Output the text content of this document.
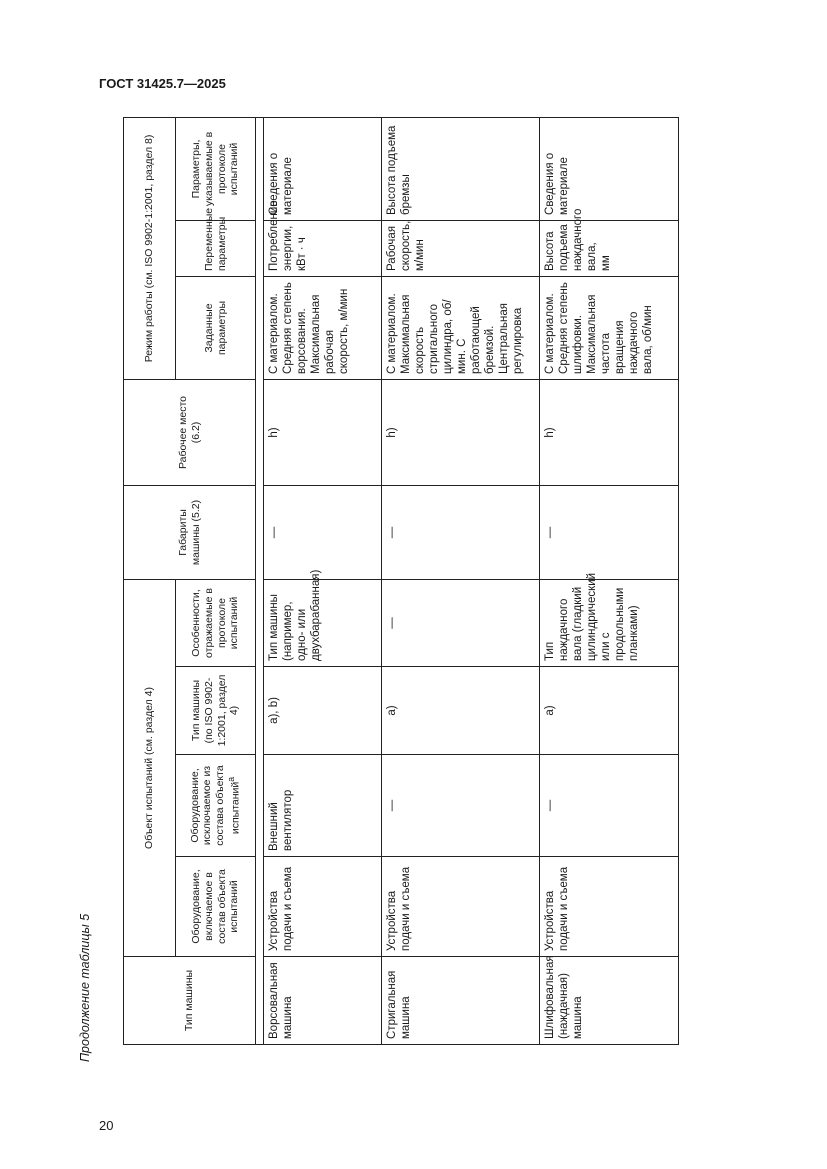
ГОСТ 31425.7—2025
Продолжение таблицы 5	Тип машины	Объект испытаний (см. раздел 4)				Габариты машины (5.2)	Рабочее место (6.2)	Режим работы (см. ISO 9902-1:2001, раздел 8)		
	Оборудование, включаемое в состав объекта испытаний	Оборудование, исключаемое из состава объекта испытаний$^а$	Тип машины (по ISO 9902-1:2001, раздел 4)	Особенности, отражаемые в протоколе испытаний			Заданные параметры	Переменные параметры	Параметры, указываемые в протоколе испытаний

Ворсовальная машина	Устройства подачи и съема	Внешний вентилятор	a), b)	Тип машины (например, одно- или двухбарабанная)	—	h)	С материалом. Средняя степень ворсования. Максимальная рабочая скорость, м/мин	Потребление энергии, кВт · ч	Сведения о материале
Стригальная машина	Устройства подачи и съема	—	a)	—	—	h)	С материалом. Максимальная скорость стригального цилиндра, об/мин. С работающей бремзой. Центральная регулировка	Рабочая скорость, м/мин	Высота подъема бремзы
Шлифовальная (наждачная) машина	Устройства подачи и съема	—	a)	Тип наждачного вала (гладкий цилиндрический или с продольными планками)	—	h)	С материалом. Средняя степень шлифовки. Максимальная частота вращения наждачного вала, об/мин	Высота подъема наждачного вала, мм	Сведения о материале
20
